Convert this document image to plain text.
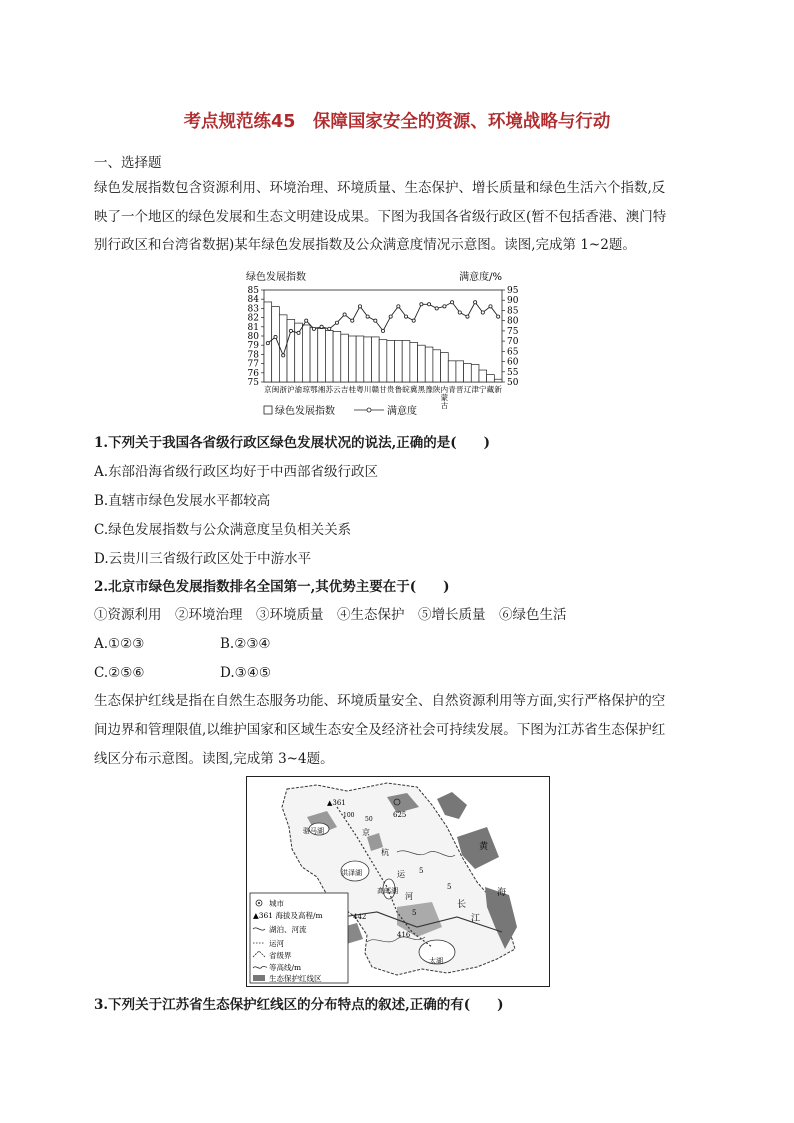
考点规范练45　保障国家安全的资源、环境战略与行动
一、选择题
绿色发展指数包含资源利用、环境治理、环境质量、生态保护、增长质量和绿色生活六个指数,反
映了一个地区的绿色发展和生态文明建设成果。下图为我国各省级行政区(暂不包括香港、澳门特
别行政区和台湾省数据)某年绿色发展指数及公众满意度情况示意图。读图,完成第 1~2题。
绿色发展指数	满意度/%
75
76
77
78
79
80
81
82
83
84
85
50
55
60
65
70
75
80
85
90
95
京 闽 浙 沪 渝 琼 鄂 湘 苏 云 吉 桂 粤 川 赣 甘 贵 鲁 皖 冀 黑 豫 陕 内
蒙
古
青 晋 辽 津 宁 藏 新
绿色发展指数	满意度
1.下列关于我国各省级行政区绿色发展状况的说法,正确的是(　　)
A.东部沿海省级行政区均好于中西部省级行政区
B.直辖市绿色发展水平都较高
C.绿色发展指数与公众满意度呈负相关关系
D.云贵川三省级行政区处于中游水平
2.北京市绿色发展指数排名全国第一,其优势主要在于(　　)
①资源利用　②环境治理　③环境质量　④生态保护　⑤增长质量　⑥绿色生活
A.①②③	B.②③④
C.②⑤⑥	D.③④⑤
生态保护红线是指在自然生态服务功能、环境质量安全、自然资源利用等方面,实行严格保护的空
间边界和管理限值,以维护国家和区域生态安全及经济社会可持续发展。下图为江苏省生态保护红
线区分布示意图。读图,完成第 3~4题。
▲361
625
442
416
骆马湖
洪泽湖
高邮湖
太湖
京
杭
运
河
黄
海
长
江
5
5
5
100
50
城市
▲361 海拔及高程/m
湖泊、河流
运河
省级界
等高线/m
生态保护红线区
3.下列关于江苏省生态保护红线区的分布特点的叙述,正确的有(　　)
